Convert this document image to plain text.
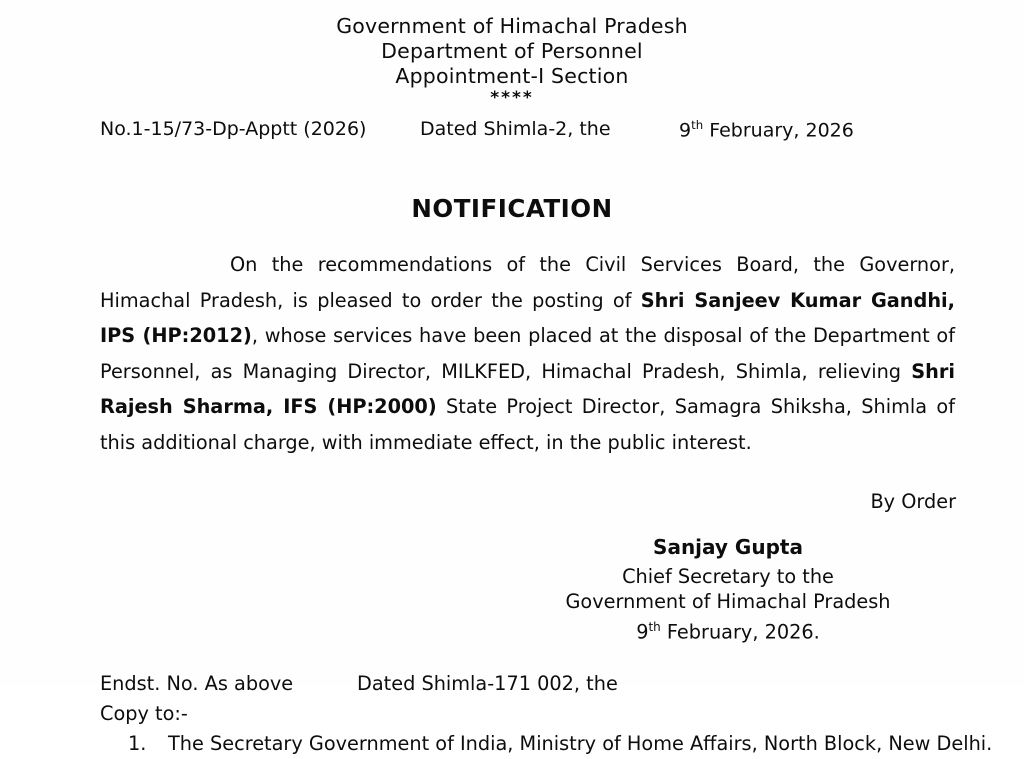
Government of Himachal Pradesh
Department of Personnel
Appointment-I Section
****
No.1-15/73-Dp-Apptt (2026)	Dated Shimla-2, the	9th February, 2026
NOTIFICATION
On the recommendations of the Civil Services Board, the Governor, Himachal Pradesh, is pleased to order the posting of Shri Sanjeev Kumar Gandhi, IPS (HP:2012), whose services have been placed at the disposal of the Department of Personnel, as Managing Director, MILKFED, Himachal Pradesh, Shimla, relieving Shri Rajesh Sharma, IFS (HP:2000) State Project Director, Samagra Shiksha, Shimla of this additional charge, with immediate effect, in the public interest.
By Order
Sanjay Gupta
Chief Secretary to the
Government of Himachal Pradesh
9th February, 2026.
Endst. No. As above	Dated Shimla-171 002, the
Copy to:-
1. The Secretary Government of India, Ministry of Home Affairs, North Block, New Delhi.
